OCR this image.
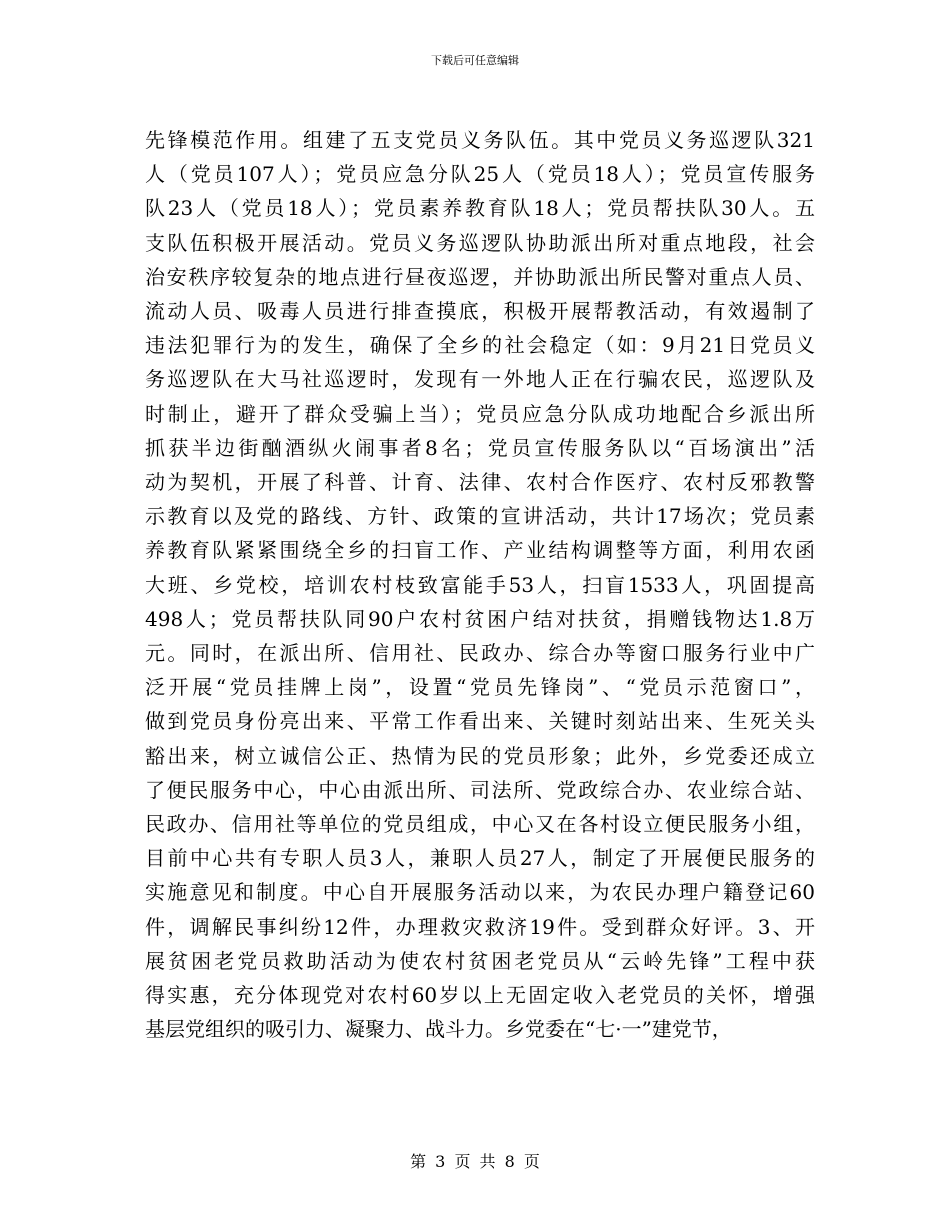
下载后可任意编辑
先锋模范作用。组建了五支党员义务队伍。其中党员义务巡逻队321
人（党员107人）；党员应急分队25人（党员18人）；党员宣传服务
队23人（党员18人）；党员素养教育队18人；党员帮扶队30人。五
支队伍积极开展活动。党员义务巡逻队协助派出所对重点地段，社会
治安秩序较复杂的地点进行昼夜巡逻，并协助派出所民警对重点人员、
流动人员、吸毒人员进行排查摸底，积极开展帮教活动，有效遏制了
违法犯罪行为的发生，确保了全乡的社会稳定（如：9月21日党员义
务巡逻队在大马社巡逻时，发现有一外地人正在行骗农民，巡逻队及
时制止，避开了群众受骗上当）；党员应急分队成功地配合乡派出所
抓获半边街酗酒纵火闹事者8名；党员宣传服务队以“百场演出”活
动为契机，开展了科普、计育、法律、农村合作医疗、农村反邪教警
示教育以及党的路线、方针、政策的宣讲活动，共计17场次；党员素
养教育队紧紧围绕全乡的扫盲工作、产业结构调整等方面，利用农函
大班、乡党校，培训农村枝致富能手53人，扫盲1533人，巩固提高
498人；党员帮扶队同90户农村贫困户结对扶贫，捐赠钱物达1.8万
元。同时，在派出所、信用社、民政办、综合办等窗口服务行业中广
泛开展“党员挂牌上岗”，设置“党员先锋岗”、“党员示范窗口”，
做到党员身份亮出来、平常工作看出来、关键时刻站出来、生死关头
豁出来，树立诚信公正、热情为民的党员形象；此外，乡党委还成立
了便民服务中心，中心由派出所、司法所、党政综合办、农业综合站、
民政办、信用社等单位的党员组成，中心又在各村设立便民服务小组，
目前中心共有专职人员3人，兼职人员27人，制定了开展便民服务的
实施意见和制度。中心自开展服务活动以来，为农民办理户籍登记60
件，调解民事纠纷12件，办理救灾救济19件。受到群众好评。3、开
展贫困老党员救助活动为使农村贫困老党员从“云岭先锋”工程中获
得实惠，充分体现党对农村60岁以上无固定收入老党员的关怀，增强
基层党组织的吸引力、凝聚力、战斗力。乡党委在“七·一”建党节，
第 3 页 共 8 页
